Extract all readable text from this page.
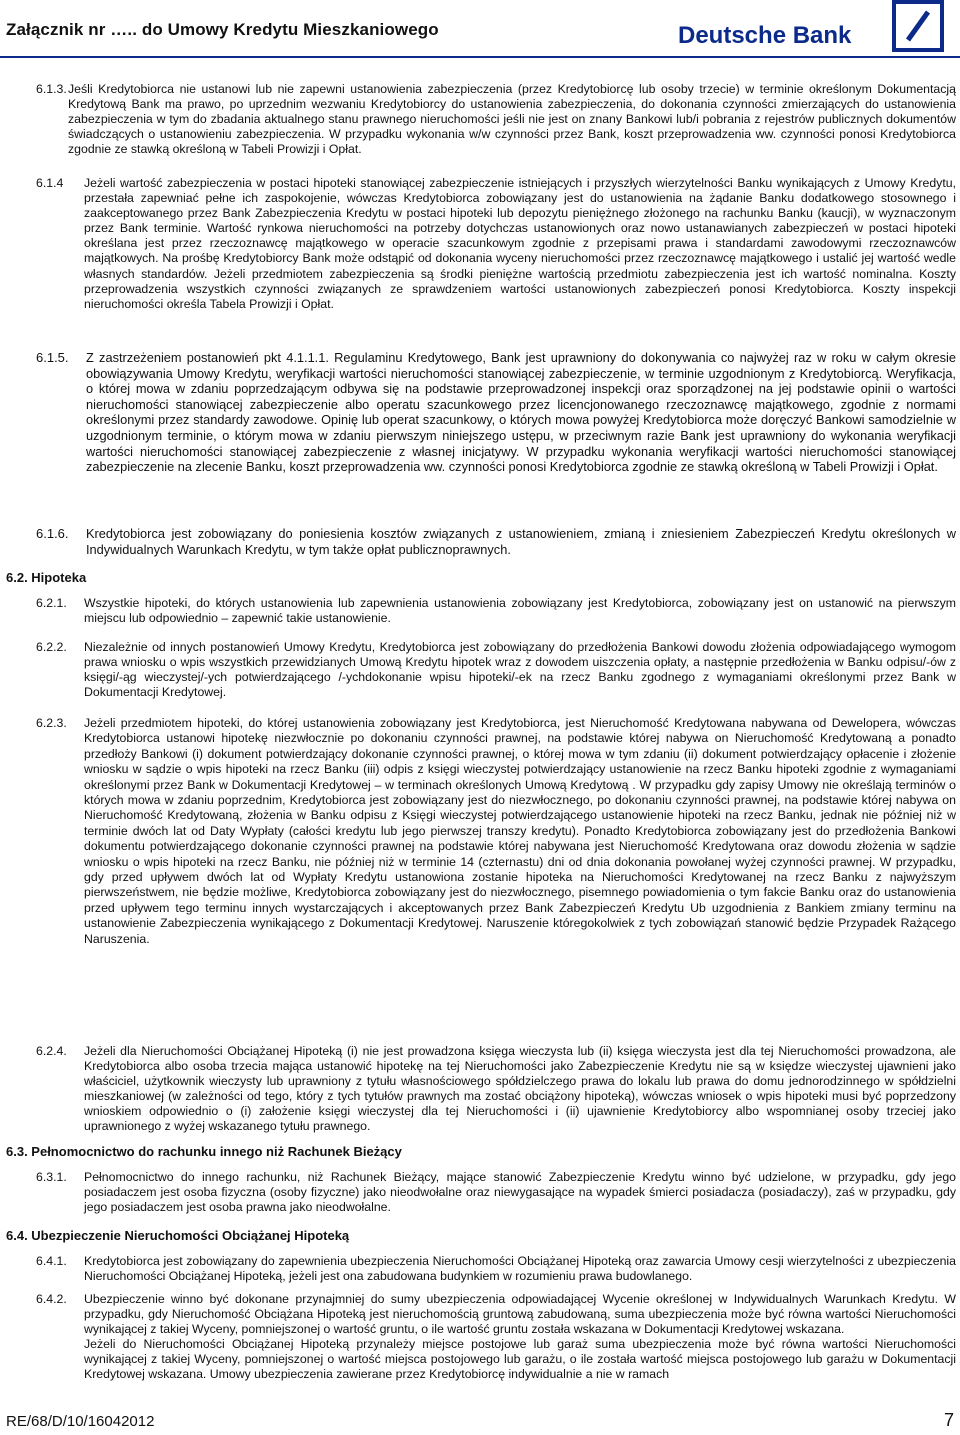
Załącznik nr ….. do Umowy Kredytu Mieszkaniowego	Deutsche Bank
6.1.3. Jeśli Kredytobiorca nie ustanowi lub nie zapewni ustanowienia zabezpieczenia (przez Kredytobiorcę lub osoby trzecie) w terminie określonym Dokumentacją Kredytową Bank ma prawo, po uprzednim wezwaniu Kredytobiorcy do ustanowienia zabezpieczenia, do dokonania czynności zmierzających do ustanowienia zabezpieczenia w tym do zbadania aktualnego stanu prawnego nieruchomości jeśli nie jest on znany Bankowi lub/i pobrania z rejestrów publicznych dokumentów świadczących o ustanowieniu zabezpieczenia. W przypadku wykonania w/w czynności przez Bank, koszt przeprowadzenia ww. czynności ponosi Kredytobiorca zgodnie ze stawką określoną w Tabeli Prowizji i Opłat.

6.1.4 Jeżeli wartość zabezpieczenia w postaci hipoteki stanowiącej zabezpieczenie istniejących i przyszłych wierzytelności Banku wynikających z Umowy Kredytu, przestała zapewniać pełne ich zaspokojenie, wówczas Kredytobiorca zobowiązany jest do ustanowienia na żądanie Banku dodatkowego stosownego i zaakceptowanego przez Bank Zabezpieczenia Kredytu w postaci hipoteki lub depozytu pieniężnego złożonego na rachunku Banku (kaucji), w wyznaczonym przez Bank terminie. Wartość rynkowa nieruchomości na potrzeby dotychczas ustanowionych oraz nowo ustanawianych zabezpieczeń w postaci hipoteki określana jest przez rzeczoznawcę majątkowego w operacie szacunkowym zgodnie z przepisami prawa i standardami zawodowymi rzeczoznawców majątkowych. Na prośbę Kredytobiorcy Bank może odstąpić od dokonania wyceny nieruchomości przez rzeczoznawcę majątkowego i ustalić jej wartość wedle własnych standardów. Jeżeli przedmiotem zabezpieczenia są środki pieniężne wartością przedmiotu zabezpieczenia jest ich wartość nominalna. Koszty przeprowadzenia wszystkich czynności związanych ze sprawdzeniem wartości ustanowionych zabezpieczeń ponosi Kredytobiorca. Koszty inspekcji nieruchomości określa Tabela Prowizji i Opłat.

6.1.5. Z zastrzeżeniem postanowień pkt 4.1.1.1. Regulaminu Kredytowego, Bank jest uprawniony do dokonywania co najwyżej raz w roku w całym okresie obowiązywania Umowy Kredytu, weryfikacji wartości nieruchomości stanowiącej zabezpieczenie, w terminie uzgodnionym z Kredytobiorcą. Weryfikacja, o której mowa w zdaniu poprzedzającym odbywa się na podstawie przeprowadzonej inspekcji oraz sporządzonej na jej podstawie opinii o wartości nieruchomości stanowiącej zabezpieczenie albo operatu szacunkowego przez licencjonowanego rzeczoznawcę majątkowego, zgodnie z normami określonymi przez standardy zawodowe. Opinię lub operat szacunkowy, o których mowa powyżej Kredytobiorca może doręczyć Bankowi samodzielnie w uzgodnionym terminie, o którym mowa w zdaniu pierwszym niniejszego ustępu, w przeciwnym razie Bank jest uprawniony do wykonania weryfikacji wartości nieruchomości stanowiącej zabezpieczenie z własnej inicjatywy. W przypadku wykonania weryfikacji wartości nieruchomości stanowiącej zabezpieczenie na zlecenie Banku, koszt przeprowadzenia ww. czynności ponosi Kredytobiorca zgodnie ze stawką określoną w Tabeli Prowizji i Opłat.

6.1.6. Kredytobiorca jest zobowiązany do poniesienia kosztów związanych z ustanowieniem, zmianą i zniesieniem Zabezpieczeń Kredytu określonych w Indywidualnych Warunkach Kredytu, w tym także opłat publicznoprawnych.

6.2. Hipoteka
6.2.1. Wszystkie hipoteki, do których ustanowienia lub zapewnienia ustanowienia zobowiązany jest Kredytobiorca, zobowiązany jest on ustanowić na pierwszym miejscu lub odpowiednio – zapewnić takie ustanowienie.

6.2.2. Niezależnie od innych postanowień Umowy Kredytu, Kredytobiorca jest zobowiązany do przedłożenia Bankowi dowodu złożenia odpowiadającego wymogom prawa wniosku o wpis wszystkich przewidzianych Umową Kredytu hipotek wraz z dowodem uiszczenia opłaty, a następnie przedłożenia w Banku odpisu/-ów z księgi/-ąg wieczystej/-ych potwierdzającego /-ychdokonanie wpisu hipoteki/-ek na rzecz Banku zgodnego z wymaganiami określonymi przez Bank w Dokumentacji Kredytowej.

6.2.3. Jeżeli przedmiotem hipoteki, do której ustanowienia zobowiązany jest Kredytobiorca, jest Nieruchomość Kredytowana nabywana od Dewelopera, wówczas Kredytobiorca ustanowi hipotekę niezwłocznie po dokonaniu czynności prawnej, na podstawie której nabywa on Nieruchomość Kredytowaną a ponadto przedłoży Bankowi (i) dokument potwierdzający dokonanie czynności prawnej, o której mowa w tym zdaniu (ii) dokument potwierdzający opłacenie i złożenie wniosku w sądzie o wpis hipoteki na rzecz Banku (iii) odpis z księgi wieczystej potwierdzający ustanowienie na rzecz Banku hipoteki zgodnie z wymaganiami określonymi przez Bank w Dokumentacji Kredytowej – w terminach określonych Umową Kredytową . W przypadku gdy zapisy Umowy nie określają terminów o których mowa w zdaniu poprzednim, Kredytobiorca jest zobowiązany jest do niezwłocznego, po dokonaniu czynności prawnej, na podstawie której nabywa on Nieruchomość Kredytowaną, złożenia w Banku odpisu z Księgi wieczystej potwierdzającego ustanowienie hipoteki na rzecz Banku, jednak nie później niż w terminie dwóch lat od Daty Wypłaty (całości kredytu lub jego pierwszej transzy kredytu). Ponadto Kredytobiorca zobowiązany jest do przedłożenia Bankowi dokumentu potwierdzającego dokonanie czynności prawnej na podstawie której nabywana jest Nieruchomość Kredytowana oraz dowodu złożenia w sądzie wniosku o wpis hipoteki na rzecz Banku, nie później niż w terminie 14 (czternastu) dni od dnia dokonania powołanej wyżej czynności prawnej. W przypadku, gdy przed upływem dwóch lat od Wypłaty Kredytu ustanowiona zostanie hipoteka na Nieruchomości Kredytowanej na rzecz Banku z najwyższym pierwszeństwem, nie będzie możliwe, Kredytobiorca zobowiązany jest do niezwłocznego, pisemnego powiadomienia o tym fakcie Banku oraz do ustanowienia przed upływem tego terminu innych wystarczających i akceptowanych przez Bank Zabezpieczeń Kredytu Ub uzgodnienia z Bankiem zmiany terminu na ustanowienie Zabezpieczenia wynikającego z Dokumentacji Kredytowej. Naruszenie któregokolwiek z tych zobowiązań stanowić będzie Przypadek Rażącego Naruszenia.

6.2.4. Jeżeli dla Nieruchomości Obciążanej Hipoteką (i) nie jest prowadzona księga wieczysta lub (ii) księga wieczysta jest dla tej Nieruchomości prowadzona, ale Kredytobiorca albo osoba trzecia mająca ustanowić hipotekę na tej Nieruchomości jako Zabezpieczenie Kredytu nie są w księdze wieczystej ujawnieni jako właściciel, użytkownik wieczysty lub uprawniony z tytułu własnościowego spółdzielczego prawa do lokalu lub prawa do domu jednorodzinnego w spółdzielni mieszkaniowej (w zależności od tego, który z tych tytułów prawnych ma zostać obciążony hipoteką), wówczas wniosek o wpis hipoteki musi być poprzedzony wnioskiem odpowiednio o (i) założenie księgi wieczystej dla tej Nieruchomości i (ii) ujawnienie Kredytobiorcy albo wspomnianej osoby trzeciej jako uprawnionego z wyżej wskazanego tytułu prawnego.

6.3. Pełnomocnictwo do rachunku innego niż Rachunek Bieżący
6.3.1. Pełnomocnictwo do innego rachunku, niż Rachunek Bieżący, mające stanowić Zabezpieczenie Kredytu winno być udzielone, w przypadku, gdy jego posiadaczem jest osoba fizyczna (osoby fizyczne) jako nieodwołalne oraz niewygasające na wypadek śmierci posiadacza (posiadaczy), zaś w przypadku, gdy jego posiadaczem jest osoba prawna jako nieodwołalne.

6.4. Ubezpieczenie Nieruchomości Obciążanej Hipoteką
6.4.1. Kredytobiorca jest zobowiązany do zapewnienia ubezpieczenia Nieruchomości Obciążanej Hipoteką oraz zawarcia Umowy cesji wierzytelności z ubezpieczenia Nieruchomości Obciążanej Hipoteką, jeżeli jest ona zabudowana budynkiem w rozumieniu prawa budowlanego.

6.4.2. Ubezpieczenie winno być dokonane przynajmniej do sumy ubezpieczenia odpowiadającej Wycenie określonej w Indywidualnych Warunkach Kredytu. W przypadku, gdy Nieruchomość Obciążana Hipoteką jest nieruchomością gruntową zabudowaną, suma ubezpieczenia może być równa wartości Nieruchomości wynikającej z takiej Wyceny, pomniejszonej o wartość gruntu, o ile wartość gruntu została wskazana w Dokumentacji Kredytowej wskazana.

Jeżeli do Nieruchomości Obciążanej Hipoteką przynależy miejsce postojowe lub garaż suma ubezpieczenia może być równa wartości Nieruchomości wynikającej z takiej Wyceny, pomniejszonej o wartość miejsca postojowego lub garażu, o ile została wartość miejsca postojowego lub garażu w Dokumentacji Kredytowej wskazana. Umowy ubezpieczenia zawierane przez Kredytobiorcę indywidualnie a nie w ramach

RE/68/D/10/16042012	7
